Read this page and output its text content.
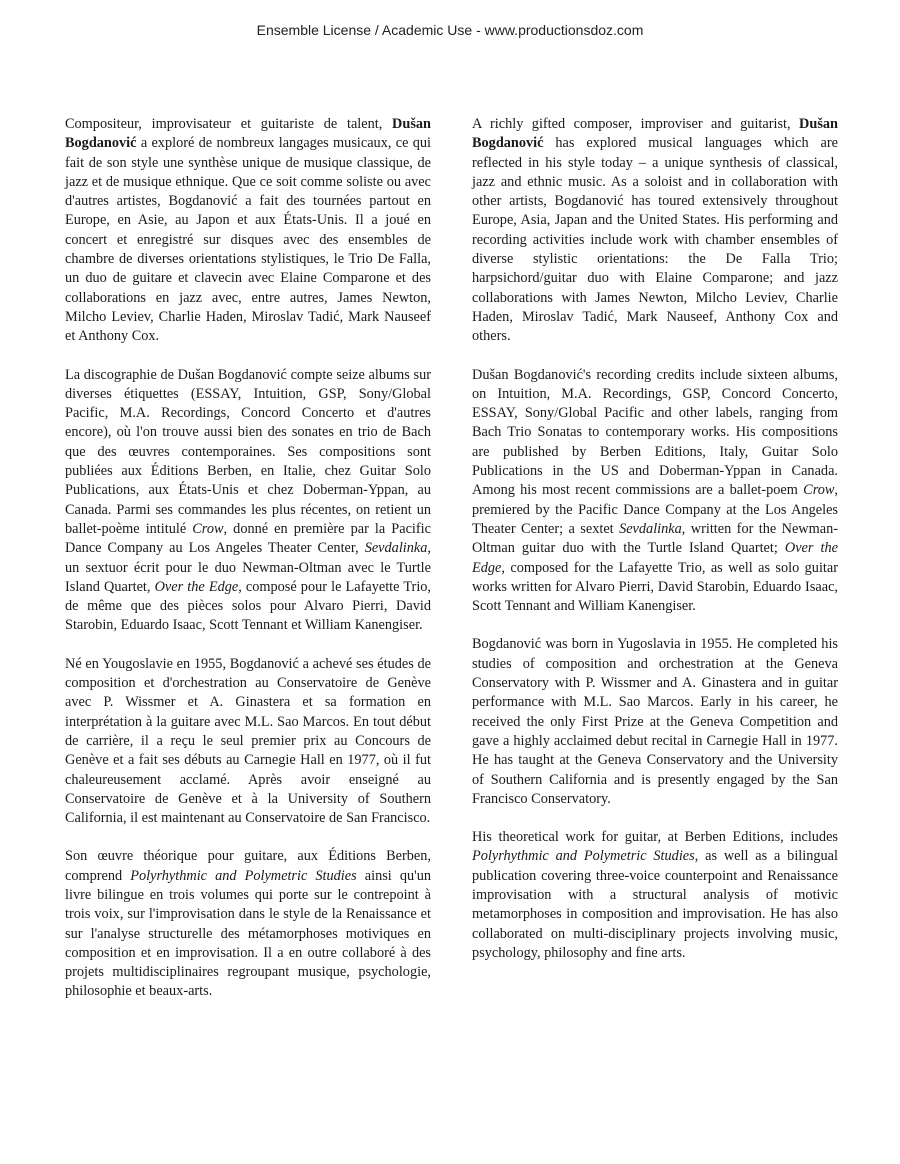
Ensemble License / Academic Use - www.productionsdoz.com

Compositeur, improvisateur et guitariste de talent, Dušan Bogdanović a exploré de nombreux langages musicaux, ce qui fait de son style une synthèse unique de musique classique, de jazz et de musique ethnique. Que ce soit comme soliste ou avec d'autres artistes, Bogdanović a fait des tournées partout en Europe, en Asie, au Japon et aux États-Unis. Il a joué en concert et enregistré sur disques avec des ensembles de chambre de diverses orientations stylistiques, le Trio De Falla, un duo de guitare et clavecin avec Elaine Comparone et des collaborations en jazz avec, entre autres, James Newton, Milcho Leviev, Charlie Haden, Miroslav Tadić, Mark Nauseef et Anthony Cox.

La discographie de Dušan Bogdanović compte seize albums sur diverses étiquettes (ESSAY, Intuition, GSP, Sony/Global Pacific, M.A. Recordings, Concord Concerto et d'autres encore), où l'on trouve aussi bien des sonates en trio de Bach que des œuvres contemporaines. Ses compositions sont publiées aux Éditions Berben, en Italie, chez Guitar Solo Publications, aux États-Unis et chez Doberman-Yppan, au Canada. Parmi ses commandes les plus récentes, on retient un ballet-poème intitulé Crow, donné en première par la Pacific Dance Company au Los Angeles Theater Center, Sevdalinka, un sextuor écrit pour le duo Newman-Oltman avec le Turtle Island Quartet, Over the Edge, composé pour le Lafayette Trio, de même que des pièces solos pour Alvaro Pierri, David Starobin, Eduardo Isaac, Scott Tennant et William Kanengiser.

Né en Yougoslavie en 1955, Bogdanović a achevé ses études de composition et d'orchestration au Conservatoire de Genève avec P. Wissmer et A. Ginastera et sa formation en interprétation à la guitare avec M.L. Sao Marcos. En tout début de carrière, il a reçu le seul premier prix au Concours de Genève et a fait ses débuts au Carnegie Hall en 1977, où il fut chaleureusement acclamé. Après avoir enseigné au Conservatoire de Genève et à la University of Southern California, il est maintenant au Conservatoire de San Francisco.

Son œuvre théorique pour guitare, aux Éditions Berben, comprend Polyrhythmic and Polymetric Studies ainsi qu'un livre bilingue en trois volumes qui porte sur le contrepoint à trois voix, sur l'improvisation dans le style de la Renaissance et sur l'analyse structurelle des métamorphoses motiviques en composition et en improvisation. Il a en outre collaboré à des projets multidisciplinaires regroupant musique, psychologie, philosophie et beaux-arts.

A richly gifted composer, improviser and guitarist, Dušan Bogdanović has explored musical languages which are reflected in his style today – a unique synthesis of classical, jazz and ethnic music. As a soloist and in collaboration with other artists, Bogdanović has toured extensively throughout Europe, Asia, Japan and the United States. His performing and recording activities include work with chamber ensembles of diverse stylistic orientations: the De Falla Trio; harpsichord/guitar duo with Elaine Comparone; and jazz collaborations with James Newton, Milcho Leviev, Charlie Haden, Miroslav Tadić, Mark Nauseef, Anthony Cox and others.

Dušan Bogdanović's recording credits include sixteen albums, on Intuition, M.A. Recordings, GSP, Concord Concerto, ESSAY, Sony/Global Pacific and other labels, ranging from Bach Trio Sonatas to contemporary works. His compositions are published by Berben Editions, Italy, Guitar Solo Publications in the US and Doberman-Yppan in Canada. Among his most recent commissions are a ballet-poem Crow, premiered by the Pacific Dance Company at the Los Angeles Theater Center; a sextet Sevdalinka, written for the Newman-Oltman guitar duo with the Turtle Island Quartet; Over the Edge, composed for the Lafayette Trio, as well as solo guitar works written for Alvaro Pierri, David Starobin, Eduardo Isaac, Scott Tennant and William Kanengiser.

Bogdanović was born in Yugoslavia in 1955. He completed his studies of composition and orchestration at the Geneva Conservatory with P. Wissmer and A. Ginastera and in guitar performance with M.L. Sao Marcos. Early in his career, he received the only First Prize at the Geneva Competition and gave a highly acclaimed debut recital in Carnegie Hall in 1977. He has taught at the Geneva Conservatory and the University of Southern California and is presently engaged by the San Francisco Conservatory.

His theoretical work for guitar, at Berben Editions, includes Polyrhythmic and Polymetric Studies, as well as a bilingual publication covering three-voice counterpoint and Renaissance improvisation with a structural analysis of motivic metamorphoses in composition and improvisation. He has also collaborated on multi-disciplinary projects involving music, psychology, philosophy and fine arts.
